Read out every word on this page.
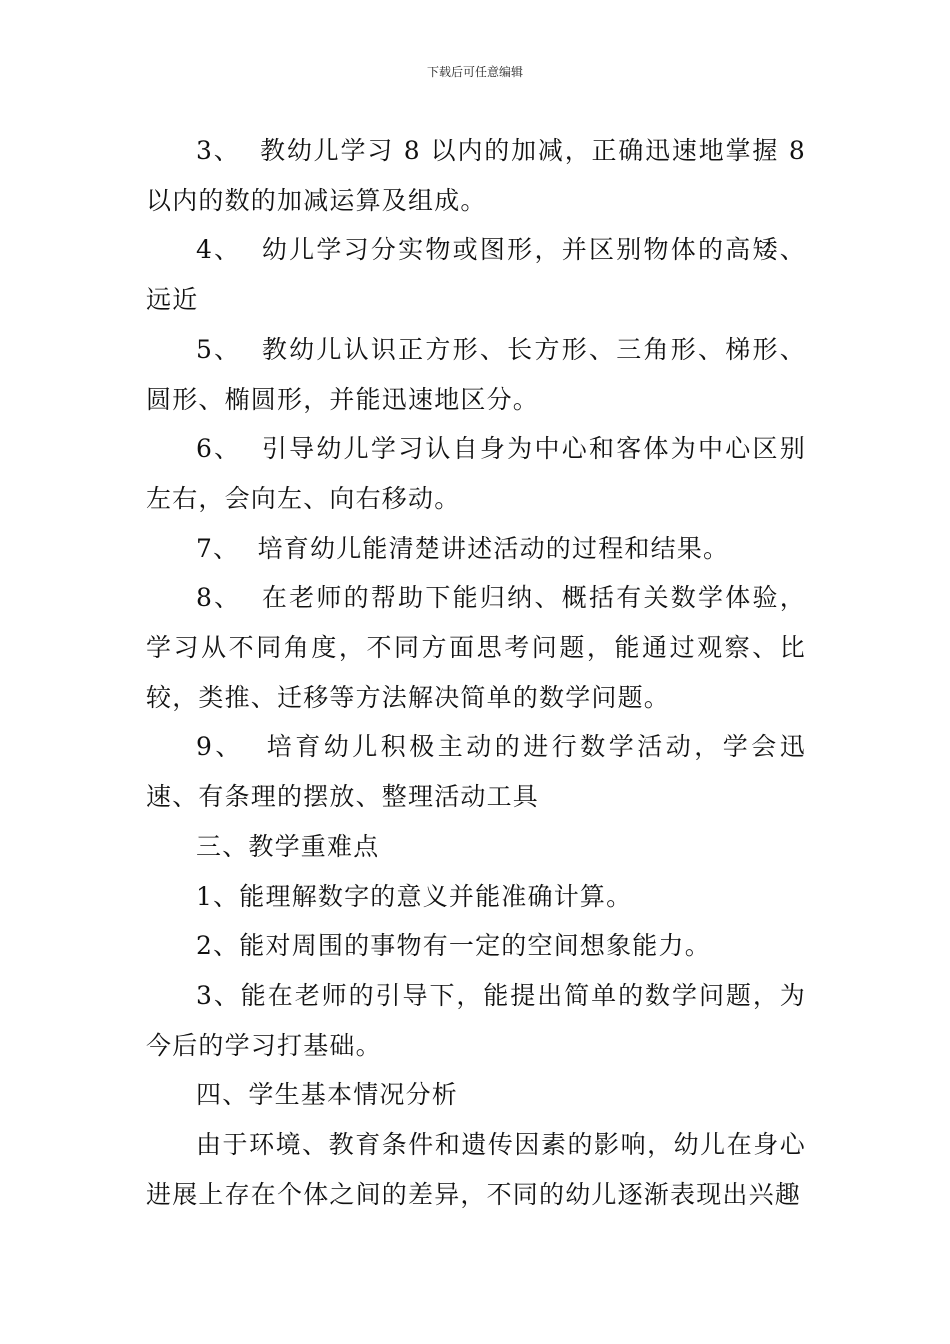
下载后可任意编辑

3、  教幼儿学习 8 以内的加减，正确迅速地掌握 8 以内的数的加减运算及组成。

4、  幼儿学习分实物或图形，并区别物体的高矮、远近

5、  教幼儿认识正方形、长方形、三角形、梯形、圆形、椭圆形，并能迅速地区分。

6、  引导幼儿学习认自身为中心和客体为中心区别左右，会向左、向右移动。

7、  培育幼儿能清楚讲述活动的过程和结果。

8、  在老师的帮助下能归纳、概括有关数学体验，学习从不同角度，不同方面思考问题，能通过观察、比较，类推、迁移等方法解决简单的数学问题。

9、  培育幼儿积极主动的进行数学活动，学会迅速、有条理的摆放、整理活动工具

三、教学重难点

1、能理解数字的意义并能准确计算。

2、能对周围的事物有一定的空间想象能力。

3、能在老师的引导下，能提出简单的数学问题，为今后的学习打基础。

四、学生基本情况分析

由于环境、教育条件和遗传因素的影响，幼儿在身心进展上存在个体之间的差异，不同的幼儿逐渐表现出兴趣
